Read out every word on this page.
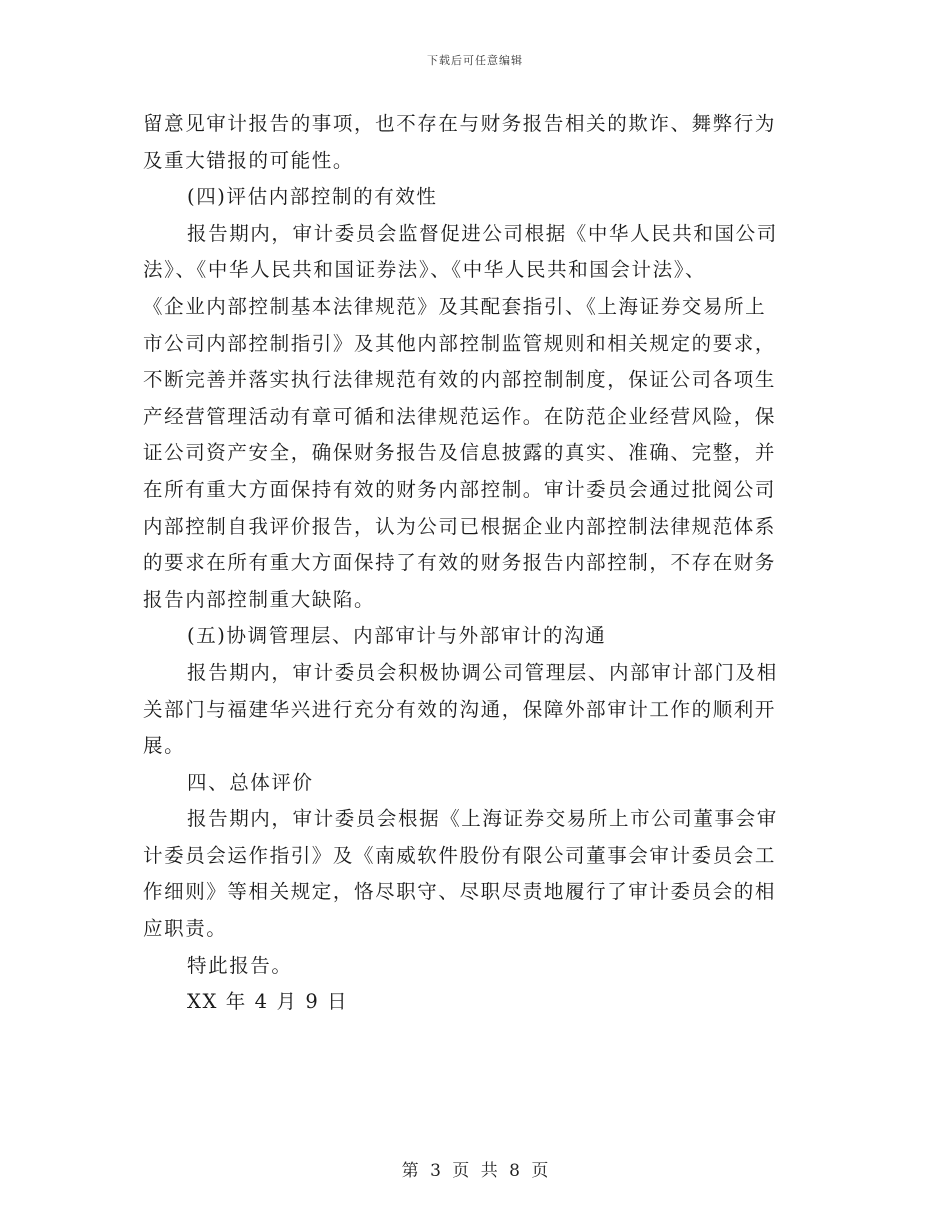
下载后可任意编辑
留意见审计报告的事项，也不存在与财务报告相关的欺诈、舞弊行为
及重大错报的可能性。
(四)评估内部控制的有效性
报告期内，审计委员会监督促进公司根据《中华人民共和国公司
法》、《中华人民共和国证券法》、《中华人民共和国会计法》、
《企业内部控制基本法律规范》及其配套指引、《上海证券交易所上
市公司内部控制指引》及其他内部控制监管规则和相关规定的要求，
不断完善并落实执行法律规范有效的内部控制制度，保证公司各项生
产经营管理活动有章可循和法律规范运作。在防范企业经营风险，保
证公司资产安全，确保财务报告及信息披露的真实、准确、完整，并
在所有重大方面保持有效的财务内部控制。审计委员会通过批阅公司
内部控制自我评价报告，认为公司已根据企业内部控制法律规范体系
的要求在所有重大方面保持了有效的财务报告内部控制，不存在财务
报告内部控制重大缺陷。
(五)协调管理层、内部审计与外部审计的沟通
报告期内，审计委员会积极协调公司管理层、内部审计部门及相
关部门与福建华兴进行充分有效的沟通，保障外部审计工作的顺利开
展。
四、总体评价
报告期内，审计委员会根据《上海证券交易所上市公司董事会审
计委员会运作指引》及《南威软件股份有限公司董事会审计委员会工
作细则》等相关规定，恪尽职守、尽职尽责地履行了审计委员会的相
应职责。
特此报告。
XX 年 4 月 9 日
第 3 页 共 8 页
